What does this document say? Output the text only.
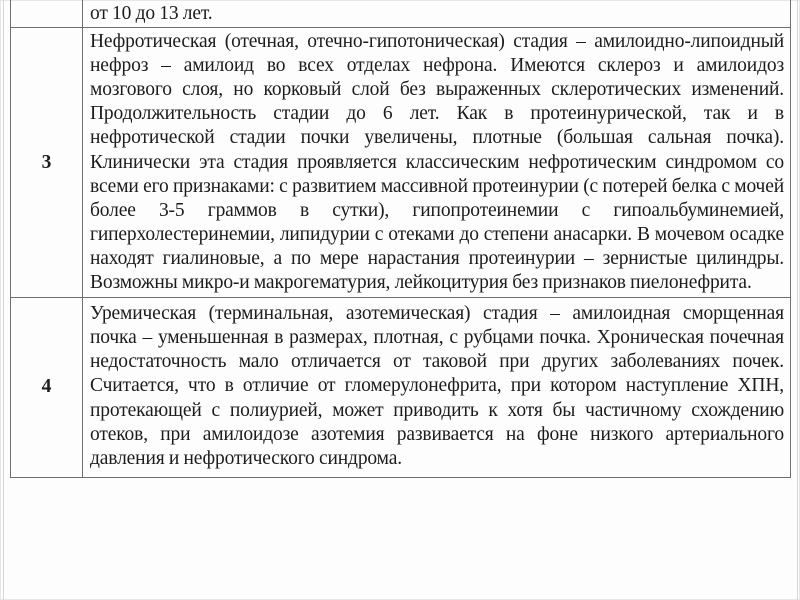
	от 10 до 13 лет.

3	Нефротическая (отечная, отечно-гипотоническая) стадия – амилоидно-липоидный нефроз – амилоид во всех отделах нефрона. Имеются склероз и амилоидоз мозгового слоя, но корковый слой без выраженных склеротических изменений. Продолжительность стадии до 6 лет. Как в протеинурической, так и в нефротической стадии почки увеличены, плотные (большая сальная почка). Клинически эта стадия проявляется классическим нефротическим синдромом со всеми его признаками: с развитием массивной протеинурии (с потерей белка с мочей более 3-5 граммов в сутки), гипопротеинемии с гипоальбуминемией, гиперхолестеринемии, липидурии с отеками до степени анасарки. В мочевом осадке находят гиалиновые, а по мере нарастания протеинурии – зернистые цилиндры. Возможны микро-и макрогематурия, лейкоцитурия без признаков пиелонефрита.

4	Уремическая (терминальная, азотемическая) стадия – амилоидная сморщенная почка – уменьшенная в размерах, плотная, с рубцами почка. Хроническая почечная недостаточность мало отличается от таковой при других заболеваниях почек. Считается, что в отличие от гломерулонефрита, при котором наступление ХПН, протекающей с полиурией, может приводить к хотя бы частичному схождению отеков, при амилоидозе азотемия развивается на фоне низкого артериального давления и нефротического синдрома.
